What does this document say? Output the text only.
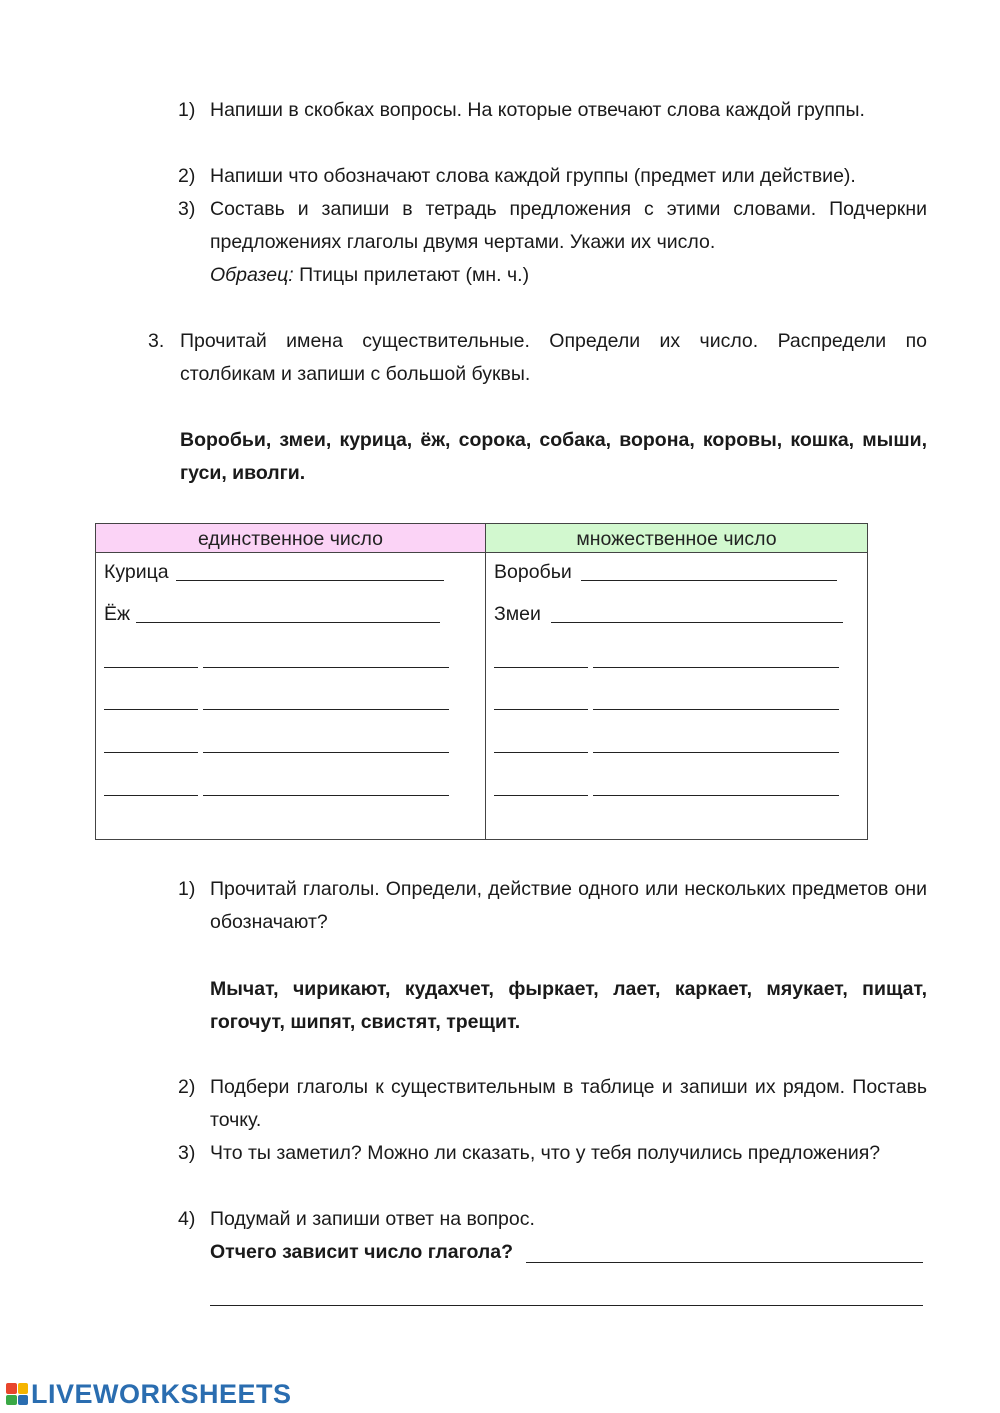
1) Напиши в скобках вопросы. На которые отвечают слова каждой группы.
2) Напиши что обозначают слова каждой группы (предмет или действие).
3) Составь и запиши в тетрадь предложения с этими словами. Подчеркни предложениях глаголы двумя чертами. Укажи их число.
Образец: Птицы прилетают (мн. ч.)
3. Прочитай имена существительные. Определи их число. Распредели по столбикам и запиши с большой буквы.
Воробьи, змеи, курица, ёж, сорока, собака, ворона, коровы, кошка, мыши, гуси, иволги.
единственное число	множественное число
Курица
Ёж
Воробьи
Змеи
1) Прочитай глаголы. Определи, действие одного или нескольких предметов они обозначают?
Мычат, чирикают, кудахчет, фыркает, лает, каркает, мяукает, пищат, гогочут, шипят, свистят, трещит.
2) Подбери глаголы к существительным в таблице и запиши их рядом. Поставь точку.
3) Что ты заметил? Можно ли сказать, что у тебя получились предложения?
4) Подумай и запиши ответ на вопрос.
Отчего зависит число глагола?
LIVEWORKSHEETS
